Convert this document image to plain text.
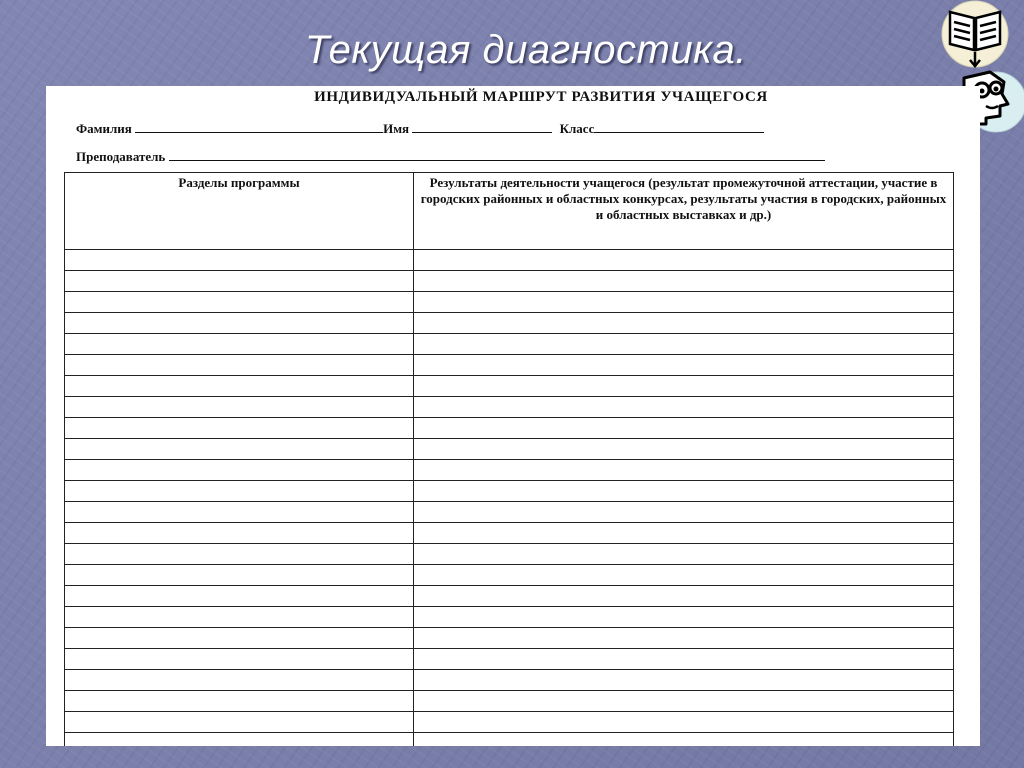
Текущая диагностика.
ИНДИВИДУАЛЬНЫЙ МАРШРУТ РАЗВИТИЯ УЧАЩЕГОСЯ
Фамилия	Имя	Класс
Преподаватель
Разделы программы	Результаты деятельности учащегося (результат промежуточной аттестации, участие в городских районных и областных конкурсах, результаты участия в городских, районных и областных выставках и др.)
